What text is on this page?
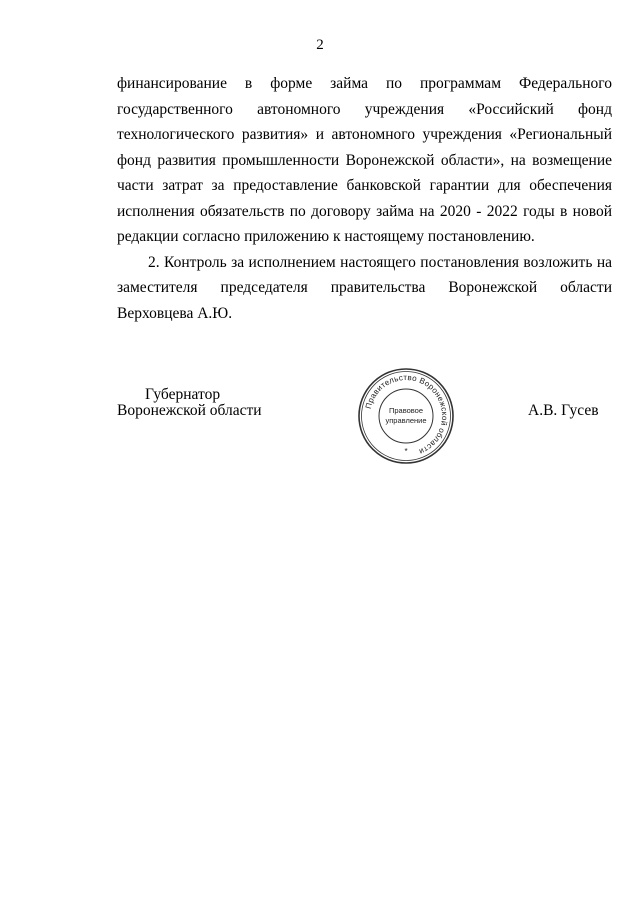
2
финансирование в форме займа по программам Федерального
государственного автономного учреждения «Российский фонд
технологического развития» и автономного учреждения «Региональный
фонд развития промышленности Воронежской области», на возмещение
части затрат за предоставление банковской гарантии для обеспечения
исполнения обязательств по договору займа на 2020 - 2022 годы в новой
редакции согласно приложению к настоящему постановлению.
2. Контроль за исполнением настоящего постановления возложить на
заместителя председателя правительства Воронежской области
Верховцева А.Ю.
Губернатор
Воронежской области	А.В. Гусев
Правительство Воронежской области
Правовое
управление
*
